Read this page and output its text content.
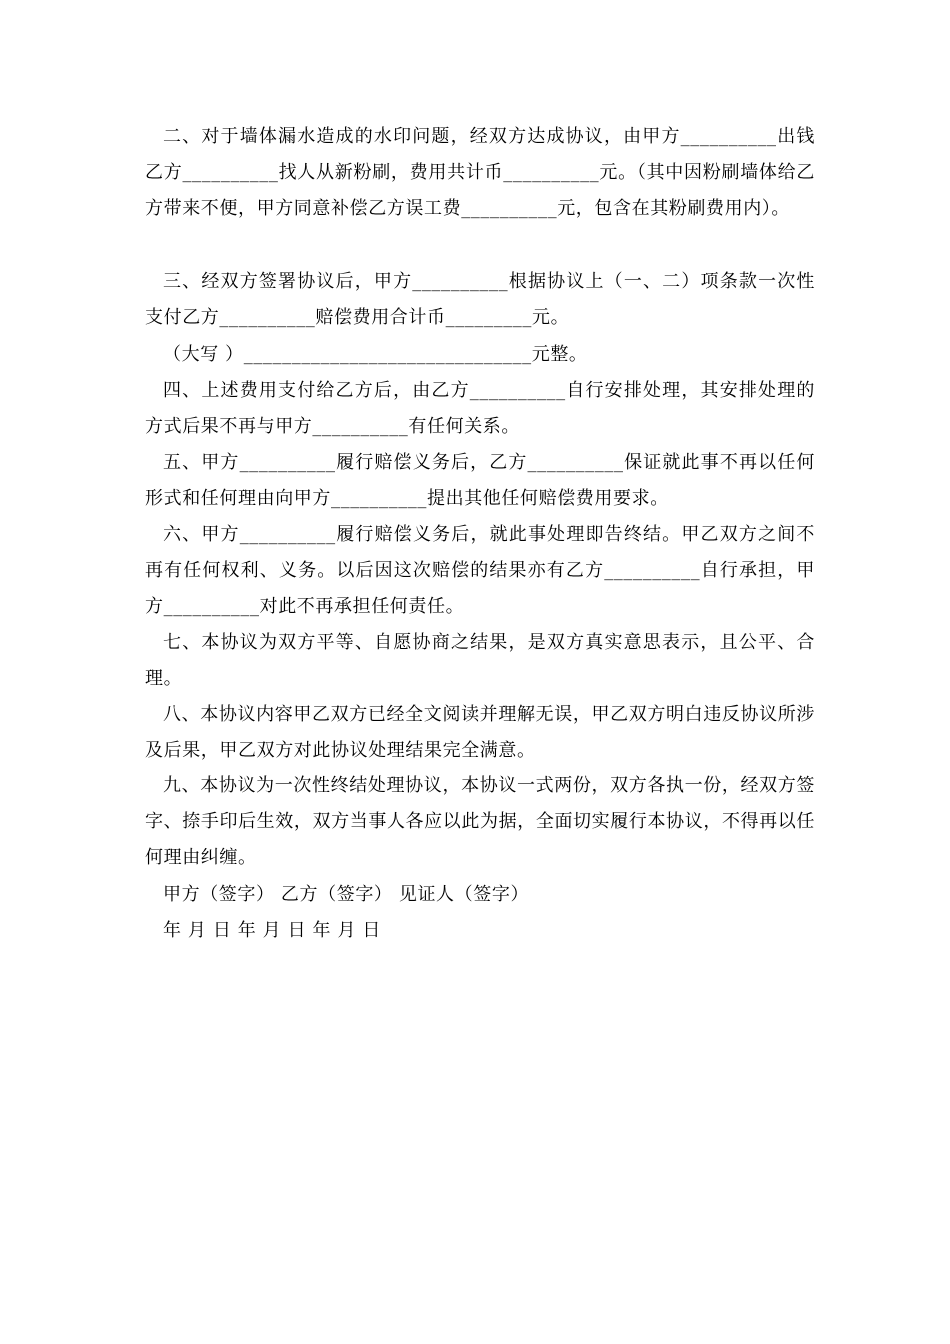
二、对于墙体漏水造成的水印问题，经双方达成协议，由甲方__________出钱乙方__________找人从新粉刷，费用共计币__________元。（其中因粉刷墙体给乙方带来不便，甲方同意补偿乙方误工费__________元，包含在其粉刷费用内）。

三、经双方签署协议后，甲方__________根据协议上（一、二）项条款一次性支付乙方__________赔偿费用合计币_________元。

（大写 ）______________________________元整。

四、上述费用支付给乙方后，由乙方__________自行安排处理，其安排处理的方式后果不再与甲方__________有任何关系。

五、甲方__________履行赔偿义务后，乙方__________保证就此事不再以任何形式和任何理由向甲方__________提出其他任何赔偿费用要求。

六、甲方__________履行赔偿义务后，就此事处理即告终结。甲乙双方之间不再有任何权利、义务。以后因这次赔偿的结果亦有乙方__________自行承担，甲方__________对此不再承担任何责任。

七、本协议为双方平等、自愿协商之结果，是双方真实意思表示，且公平、合理。

八、本协议内容甲乙双方已经全文阅读并理解无误，甲乙双方明白违反协议所涉及后果，甲乙双方对此协议处理结果完全满意。

九、本协议为一次性终结处理协议，本协议一式两份，双方各执一份，经双方签字、捺手印后生效，双方当事人各应以此为据，全面切实履行本协议，不得再以任何理由纠缠。

甲方（签字） 乙方（签字） 见证人（签字）

年 月 日 年 月 日 年 月 日
